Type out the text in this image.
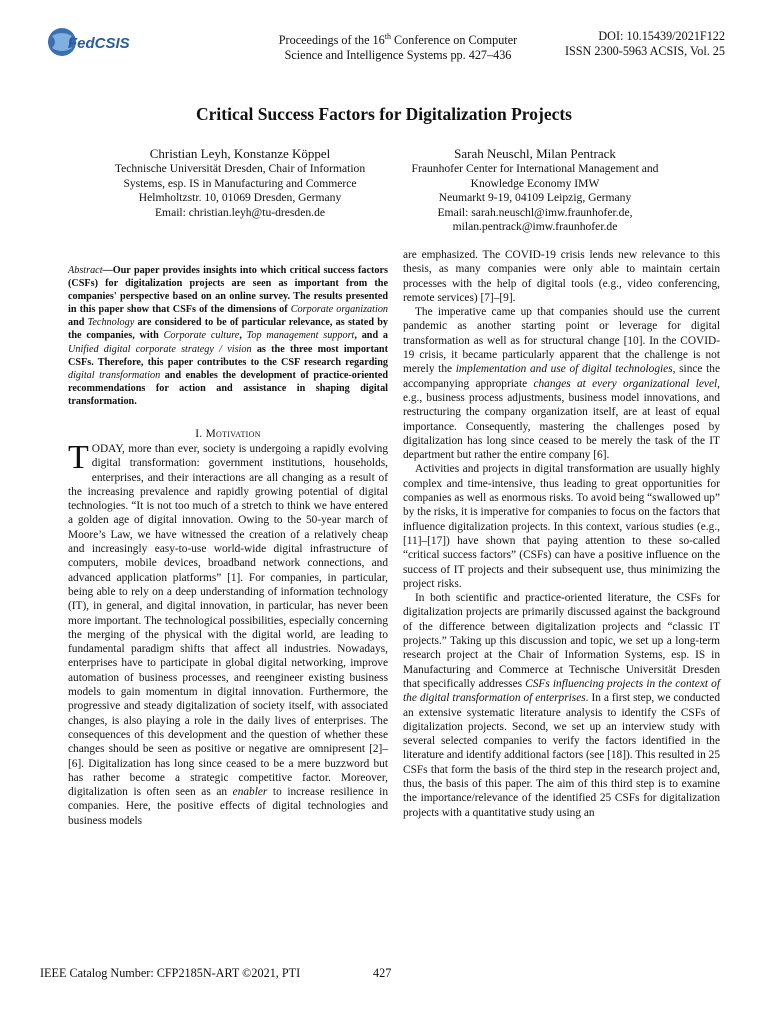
FedCSIS	Proceedings of the 16th Conference on Computer
Science and Intelligence Systems pp. 427–436
DOI: 10.15439/2021F122
ISSN 2300-5963 ACSIS, Vol. 25
Critical Success Factors for Digitalization Projects
Christian Leyh, Konstanze Köppel
Technische Universität Dresden, Chair of Information
Systems, esp. IS in Manufacturing and Commerce
Helmholtzstr. 10, 01069 Dresden, Germany
Email: christian.leyh@tu-dresden.de
Sarah Neuschl, Milan Pentrack
Fraunhofer Center for International Management and
Knowledge Economy IMW
Neumarkt 9-19, 04109 Leipzig, Germany
Email: sarah.neuschl@imw.fraunhofer.de,
milan.pentrack@imw.fraunhofer.de
Abstract—Our paper provides insights into which critical success factors (CSFs) for digitalization projects are seen as important from the companies' perspective based on an online survey. The results presented in this paper show that CSFs of the dimensions of Corporate organization and Technology are considered to be of particular relevance, as stated by the companies, with Corporate culture, Top management support, and a Unified digital corporate strategy / vision as the three most important CSFs. Therefore, this paper contributes to the CSF research regarding digital transformation and enables the development of practice-oriented recommendations for action and assistance in shaping digital transformation.
I. Motivation

TODAY, more than ever, society is undergoing a rapidly evolving digital transformation: government institutions, households, enterprises, and their interactions are all changing as a result of the increasing prevalence and rapidly growing potential of digital technologies. “It is not too much of a stretch to think we have entered a golden age of digital innovation. Owing to the 50-year march of Moore’s Law, we have witnessed the creation of a relatively cheap and increasingly easy-to-use world-wide digital infrastructure of computers, mobile devices, broadband network connections, and advanced application platforms” [1]. For companies, in particular, being able to rely on a deep understanding of information technology (IT), in general, and digital innovation, in particular, has never been more important. The technological possibilities, especially concerning the merging of the physical with the digital world, are leading to fundamental paradigm shifts that affect all industries. Nowadays, enterprises have to participate in global digital networking, improve automation of business processes, and reengineer existing business models to gain momentum in digital innovation. Furthermore, the progressive and steady digitalization of society itself, with associated changes, is also playing a role in the daily lives of enterprises. The consequences of this development and the question of whether these changes should be seen as positive or negative are omnipresent [2]–[6]. Digitalization has long since ceased to be a mere buzzword but has rather become a strategic competitive factor. Moreover, digitalization is often seen as an enabler to increase resilience in companies. Here, the positive effects of digital technologies and business models

are emphasized. The COVID-19 crisis lends new relevance to this thesis, as many companies were only able to maintain certain processes with the help of digital tools (e.g., video conferencing, remote services) [7]–[9].

The imperative came up that companies should use the current pandemic as another starting point or leverage for digital transformation as well as for structural change [10]. In the COVID-19 crisis, it became particularly apparent that the challenge is not merely the implementation and use of digital technologies, since the accompanying appropriate changes at every organizational level, e.g., business process adjustments, business model innovations, and restructuring the company organization itself, are at least of equal importance. Consequently, mastering the challenges posed by digitalization has long since ceased to be merely the task of the IT department but rather the entire company [6].

Activities and projects in digital transformation are usually highly complex and time-intensive, thus leading to great opportunities for companies as well as enormous risks. To avoid being “swallowed up” by the risks, it is imperative for companies to focus on the factors that influence digitalization projects. In this context, various studies (e.g., [11]–[17]) have shown that paying attention to these so-called “critical success factors” (CSFs) can have a positive influence on the success of IT projects and their subsequent use, thus minimizing the project risks.

In both scientific and practice-oriented literature, the CSFs for digitalization projects are primarily discussed against the background of the difference between digitalization projects and “classic IT projects.” Taking up this discussion and topic, we set up a long-term research project at the Chair of Information Systems, esp. IS in Manufacturing and Commerce at Technische Universität Dresden that specifically addresses CSFs influencing projects in the context of the digital transformation of enterprises. In a first step, we conducted an extensive systematic literature analysis to identify the CSFs of digitalization projects. Second, we set up an interview study with several selected companies to verify the factors identified in the literature and identify additional factors (see [18]). This resulted in 25 CSFs that form the basis of the third step in the research project and, thus, the basis of this paper. The aim of this third step is to examine the importance/relevance of the identified 25 CSFs for digitalization projects with a quantitative study using an

IEEE Catalog Number: CFP2185N-ART ©2021, PTI	427
